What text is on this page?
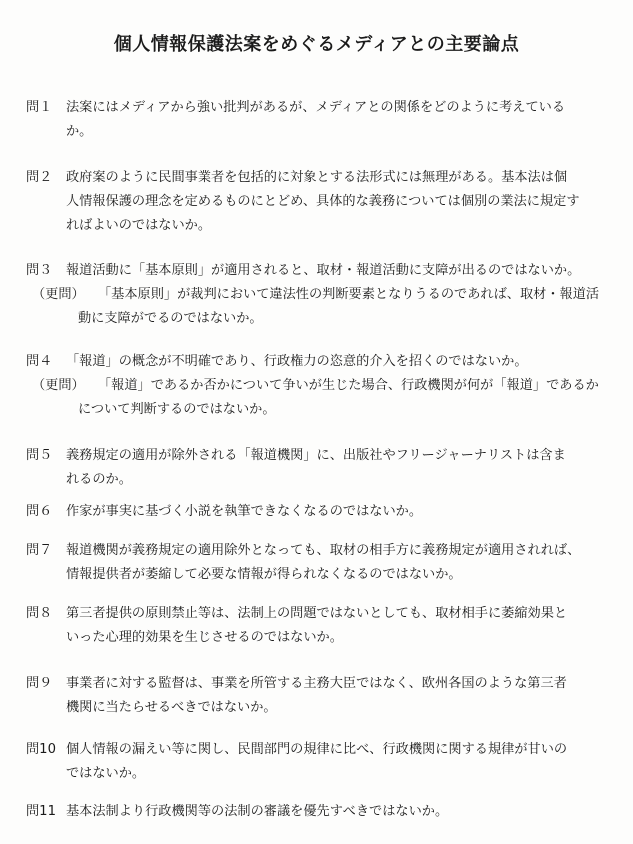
個人情報保護法案をめぐるメディアとの主要論点
問１ 法案にはメディアから強い批判があるが、メディアとの関係をどのように考えている
か。
問２ 政府案のように民間事業者を包括的に対象とする法形式には無理がある。基本法は個
人情報保護の理念を定めるものにとどめ、具体的な義務については個別の業法に規定す
ればよいのではないか。
問３ 報道活動に「基本原則」が適用されると、取材・報道活動に支障が出るのではないか。
（更問） 「基本原則」が裁判において違法性の判断要素となりうるのであれば、取材・報道活
動に支障がでるのではないか。
問４ 「報道」の概念が不明確であり、行政権力の恣意的介入を招くのではないか。
（更問） 「報道」であるか否かについて争いが生じた場合、行政機関が何が「報道」であるか
について判断するのではないか。
問５ 義務規定の適用が除外される「報道機関」に、出版社やフリージャーナリストは含ま
れるのか。
問６ 作家が事実に基づく小説を執筆できなくなるのではないか。
問７ 報道機関が義務規定の適用除外となっても、取材の相手方に義務規定が適用されれば、
情報提供者が萎縮して必要な情報が得られなくなるのではないか。
問８ 第三者提供の原則禁止等は、法制上の問題ではないとしても、取材相手に萎縮効果と
いった心理的効果を生じさせるのではないか。
問９ 事業者に対する監督は、事業を所管する主務大臣ではなく、欧州各国のような第三者
機関に当たらせるべきではないか。
問10 個人情報の漏えい等に関し、民間部門の規律に比べ、行政機関に関する規律が甘いの
ではないか。
問11 基本法制より行政機関等の法制の審議を優先すべきではないか。
